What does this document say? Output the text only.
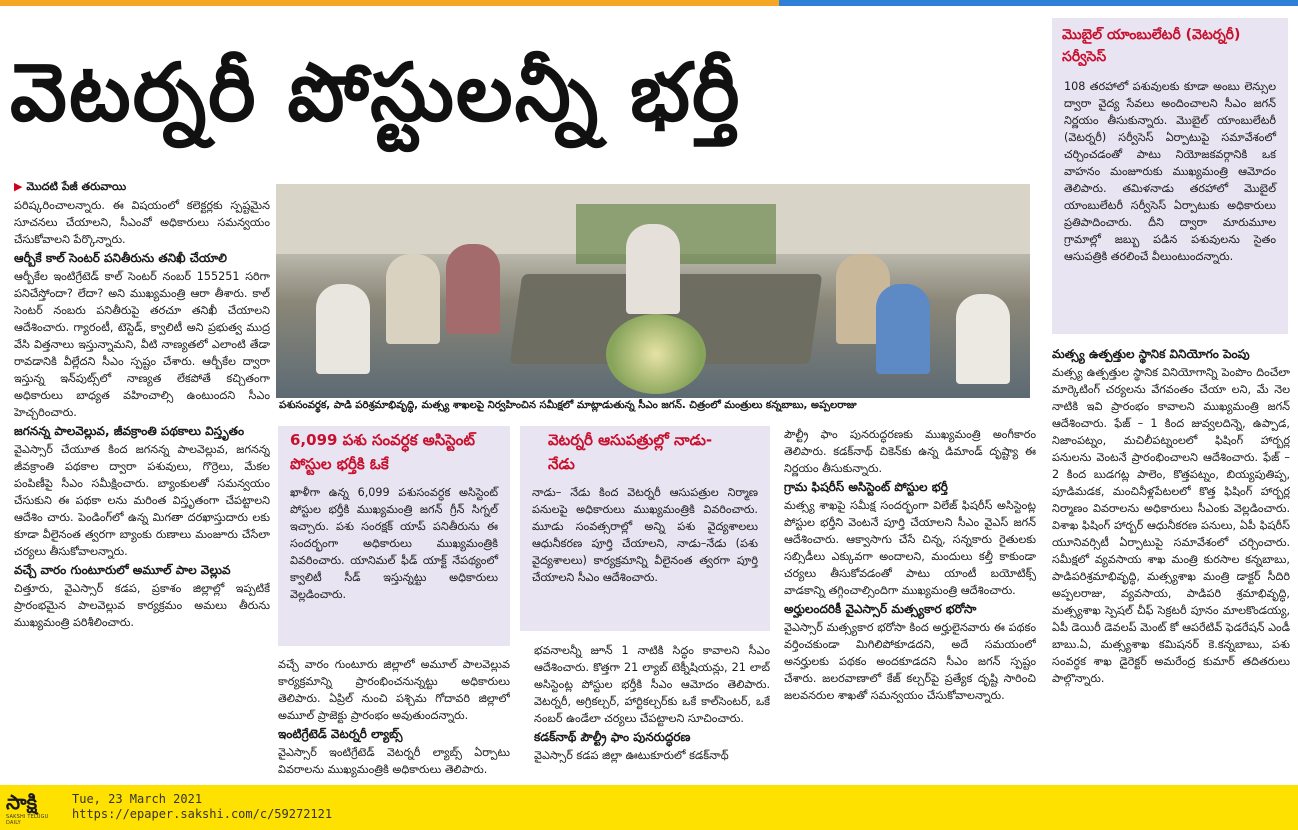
వెటర్నరీ పోస్టులన్నీ భర్తీ

▶ మొదటి పేజీ తరువాయి

పరిష్కరించాలన్నారు. ఈ విషయంలో కలెక్టర్లకు స్పష్టమైన సూచనలు చేయాలని, సీఎంవో అధికారులు సమన్వయం చేసుకోవాలని పేర్కొన్నారు.

ఆర్బీకే కాల్ సెంటర్ పనితీరును తనిఖీ చేయాలి

ఆర్బీకేల ఇంటిగ్రేటెడ్ కాల్ సెంటర్ నంబర్ 155251 సరిగా పనిచేస్తోందా? లేదా? అని ముఖ్యమంత్రి ఆరా తీశారు. కాల్ సెంటర్ నంబరు పనితీరుపై తరచూ తనిఖీ చేయాలని ఆదేశించారు. గ్యారంటీ, టెస్టెడ్, క్వాలిటీ అని ప్రభుత్వ ముద్ర వేసి విత్తనాలు ఇస్తున్నామని, వీటి నాణ్యతలో ఎలాంటి తేడా రావడానికి వీల్లేదని సీఎం స్పష్టం చేశారు. ఆర్బీకేల ద్వారా ఇస్తున్న ఇన్‌పుట్స్‌లో నాణ్యత లేకపోతే కచ్చితంగా అధికారులు బాధ్యత వహించాల్సి ఉంటుందని సీఎం హెచ్చరించారు.

జగనన్న పాలవెల్లువ, జీవక్రాంతి పథకాలు విస్తృతం

వైఎస్సార్ చేయూత కింద జగనన్న పాలవెల్లువ, జగనన్న జీవక్రాంతి పథకాల ద్వారా పశువులు, గొర్రెలు, మేకల పంపిణీపై సీఎం సమీక్షించారు. బ్యాంకులతో సమన్వయం చేసుకుని ఈ పథకా లను మరింత విస్తృతంగా చేపట్టాలని ఆదేశిం చారు. పెండింగ్‌లో ఉన్న మిగతా దరఖాస్తుదారు లకు కూడా వీలైనంత త్వరగా బ్యాంకు రుణాలు మంజూరు చేసేలా చర్యలు తీసుకోవాలన్నారు.

వచ్చే వారం గుంటూరులో అమూల్ పాల వెల్లువ

చిత్తూరు, వైఎస్సార్ కడప, ప్రకాశం జిల్లాల్లో ఇప్పటికే ప్రారంభమైన పాలవెల్లువ కార్యక్రమం అమలు తీరును ముఖ్యమంత్రి పరిశీలించారు.

పశుసంవర్థక, పాడి పరిశ్రమాభివృద్ధి, మత్స్య శాఖలపై నిర్వహించిన సమీక్షలో మాట్లాడుతున్న సీఎం జగన్. చిత్రంలో మంత్రులు కన్నబాబు, అప్పలరాజు
6,099 పశు సంవర్ధక అసిస్టెంట్ పోస్టుల భర్తీకి ఓకే
ఖాళీగా ఉన్న 6,099 పశుసంవర్ధక అసిస్టెంట్ పోస్టుల భర్తీకి ముఖ్యమంత్రి జగన్ గ్రీన్ సిగ్నల్ ఇచ్చారు. పశు సంరక్షక్ యాప్ పనితీరును ఈ సందర్భంగా అధికారులు ముఖ్యమంత్రికి వివరించారు. యానిమల్ ఫీడ్ యాక్ట్ నేపథ్యంలో క్వాలిటీ సీడ్ ఇస్తున్నట్టు అధికారులు వెల్లడించారు.

వచ్చే వారం గుంటూరు జిల్లాలో అమూల్ పాలవెల్లువ కార్యక్రమాన్ని ప్రారంభించనున్నట్టు అధికారులు తెలిపారు. ఏప్రిల్ నుంచి పశ్చిమ గోదావరి జిల్లాలో అమూల్ ప్రాజెక్టు ప్రారంభం అవుతుందన్నారు.

ఇంటిగ్రేటెడ్ వెటర్నరీ ల్యాబ్స్

వైఎస్సార్ ఇంటిగ్రేటెడ్ వెటర్నరీ ల్యాబ్స్ ఏర్పాటు వివరాలను ముఖ్యమంత్రికి అధికారులు తెలిపారు.

వెటర్నరీ ఆసుపత్రుల్లో నాడు-నేడు
నాడు– నేడు కింద వెటర్నరీ ఆసుపత్రుల నిర్మాణ పనులపై అధికారులు ముఖ్యమంత్రికి వివరించారు. మూడు సంవత్సరాల్లో అన్ని పశు వైద్యశాలలు ఆధునీకరణ పూర్తి చేయాలని, నాడు–నేడు (పశు వైద్యశాలలు) కార్యక్రమాన్ని వీలైనంత త్వరగా పూర్తి చేయాలని సీఎం ఆదేశించారు.

భవనాలన్నీ జూన్ 1 నాటికి సిద్ధం కావాలని సీఎం ఆదేశించారు. కొత్తగా 21 ల్యాబ్ టెక్నీషియన్లు, 21 లాబ్ అసిస్టెంట్ల పోస్టుల భర్తీకి సీఎం ఆమోదం తెలిపారు. వెటర్నరీ, అగ్రికల్చర్, హార్టికల్చర్‌కు ఒకే కాల్‌సెంటర్, ఒకే నంబర్ ఉండేలా చర్యలు చేపట్టాలని సూచించారు.

కడక్‌నాథ్ పౌల్ట్రీ ఫాం పునరుద్ధరణ

వైఎస్సార్ కడప జిల్లా ఊటుకూరులో కడక్‌నాథ్

పౌల్ట్రీ ఫాం పునరుద్ధరణకు ముఖ్యమంత్రి అంగీకారం తెలిపారు. కడక్‌నాథ్ చికెన్‌కు ఉన్న డిమాండ్ దృష్ట్యా ఈ నిర్ణయం తీసుకున్నారు.

గ్రామ ఫిషరీస్ అసిస్టెంట్ పోస్టుల భర్తీ

మత్స్య శాఖపై సమీక్ష సందర్భంగా విలేజ్ ఫిషరీస్ అసిస్టెంట్ల పోస్టుల భర్తీని వెంటనే పూర్తి చేయాలని సీఎం వైఎస్ జగన్ ఆదేశించారు. ఆక్వాసాగు చేసే చిన్న, సన్నకారు రైతులకు సబ్సిడీలు ఎక్కువగా అందాలని, మందులు కల్తీ కాకుండా చర్యలు తీసుకోవడంతో పాటు యాంటీ బయోటిక్స్ వాడకాన్ని తగ్గించాల్సిందిగా ముఖ్యమంత్రి ఆదేశించారు.

అర్హులందరికీ వైఎస్సార్ మత్స్యకార భరోసా

వైఎస్సార్ మత్స్యకార భరోసా కింద అర్హులైనవారు ఈ పథకం వర్తించకుండా మిగిలిపోకూడదని, అదే సమయంలో అనర్హులకు పథకం అందకూడదని సీఎం జగన్ స్పష్టం చేశారు. జలరవాణాలో కేజ్ కల్చర్‌పై ప్రత్యేక దృష్టి సారించి జలవనరుల శాఖతో సమన్వయం చేసుకోవాలన్నారు.

మొబైల్ యాంబులేటరీ (వెటర్నరీ) సర్వీసెస్
108 తరహాలో పశువులకు కూడా అంబు లెన్సుల ద్వారా వైద్య సేవలు అందించాలని సీఎం జగన్ నిర్ణయం తీసుకున్నారు. మొబైల్ యాంబులేటరీ (వెటర్నరీ) సర్వీసెస్ ఏర్పాటుపై సమావేశంలో చర్చించడంతో పాటు నియోజకవర్గానికి ఒక వాహనం మంజూరుకు ముఖ్యమంత్రి ఆమోదం తెలిపారు. తమిళనాడు తరహాలో మొబైల్ యాంబులేటరీ సర్వీసెస్ ఏర్పాటుకు అధికారులు ప్రతిపాదించారు. దీని ద్వారా మారుమూల గ్రామాల్లో జబ్బు పడిన పశువులను సైతం ఆసుపత్రికి తరలించే వీలుంటుందన్నారు.
మత్స్య ఉత్పత్తుల స్థానిక వినియోగం పెంపు

మత్స్య ఉత్పత్తుల స్థానిక వినియోగాన్ని పెంపొం దించేలా మార్కెటింగ్ చర్యలను వేగవంతం చేయా లని, మే నెల నాటికి ఇవి ప్రారంభం కావాలని ముఖ్యమంత్రి జగన్ ఆదేశించారు. ఫేజ్ – 1 కింద జువ్వలదిన్నె, ఉప్పాడ, నిజాంపట్నం, మచిలీపట్నంలలో ఫిషింగ్ హార్బర్ల పనులను వెంటనే ప్రారంభించాలని ఆదేశించారు. ఫేజ్ – 2 కింద బుడగట్ల పాలెం, కొత్తపట్నం, బియ్యపుతిప్ప, పూడిమడక, మంచినీళ్లపేటలలో కొత్త ఫిషింగ్ హార్బర్ల నిర్మాణం వివరాలను అధికారులు సీఎంకు వెల్లడించారు. విశాఖ ఫిషింగ్ హార్బర్ ఆధునీకరణ పనులు, ఏపీ ఫిషరీస్ యూనివర్సిటీ ఏర్పాటుపై సమావేశంలో చర్చించారు. సమీక్షలో వ్యవసాయ శాఖ మంత్రి కురసాల కన్నబాబు, పాడిపరిశ్రమాభివృద్ధి, మత్స్యశాఖ మంత్రి డాక్టర్ సీదిరి అప్పలరాజు, వ్యవసాయ, పాడిపరి శ్రమాభివృద్ధి, మత్స్యశాఖ స్పెషల్ చీఫ్ సెక్రటరీ పూనం మాలకొండయ్య, ఏపీ డెయిరీ డెవలప్ మెంట్ కో ఆపరేటివ్ ఫెడరేషన్ ఎండీ బాబు.ఏ, మత్స్యశాఖ కమిషనర్ కె.కన్నబాబు, పశు సంవర్ధక శాఖ డైరెక్టర్ అమరేంద్ర కుమార్ తదితరులు పాల్గొన్నారు.

సాక్షి
SAKSHI TELUGU DAILY
Tue, 23 March 2021
https://epaper.sakshi.com/c/59272121
